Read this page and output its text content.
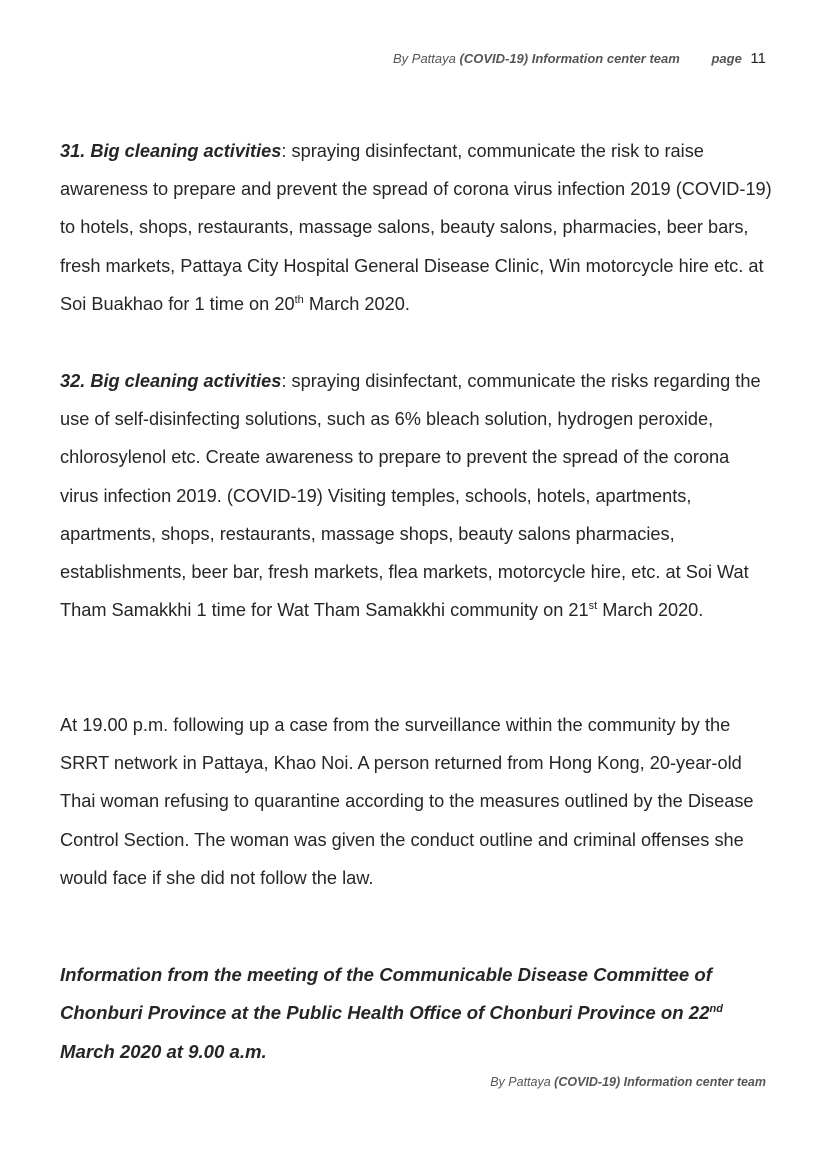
By Pattaya (COVID-19) Information center team page 11

31. Big cleaning activities: spraying disinfectant, communicate the risk to raise awareness to prepare and prevent the spread of corona virus infection 2019 (COVID-19) to hotels, shops, restaurants, massage salons, beauty salons, pharmacies, beer bars, fresh markets, Pattaya City Hospital General Disease Clinic, Win motorcycle hire etc. at Soi Buakhao for 1 time on 20th March 2020.

32. Big cleaning activities: spraying disinfectant, communicate the risks regarding the use of self-disinfecting solutions, such as 6% bleach solution, hydrogen peroxide, chlorosylenol etc. Create awareness to prepare to prevent the spread of the corona virus infection 2019. (COVID-19) Visiting temples, schools, hotels, apartments, apartments, shops, restaurants, massage shops, beauty salons pharmacies, establishments, beer bar, fresh markets, flea markets, motorcycle hire, etc. at Soi Wat Tham Samakkhi 1 time for Wat Tham Samakkhi community on 21st March 2020.

At 19.00 p.m. following up a case from the surveillance within the community by the SRRT network in Pattaya, Khao Noi. A person returned from Hong Kong, 20-year-old Thai woman refusing to quarantine according to the measures outlined by the Disease Control Section. The woman was given the conduct outline and criminal offenses she would face if she did not follow the law.

Information from the meeting of the Communicable Disease Committee of Chonburi Province at the Public Health Office of Chonburi Province on 22nd March 2020 at 9.00 a.m.

By Pattaya (COVID-19) Information center team
